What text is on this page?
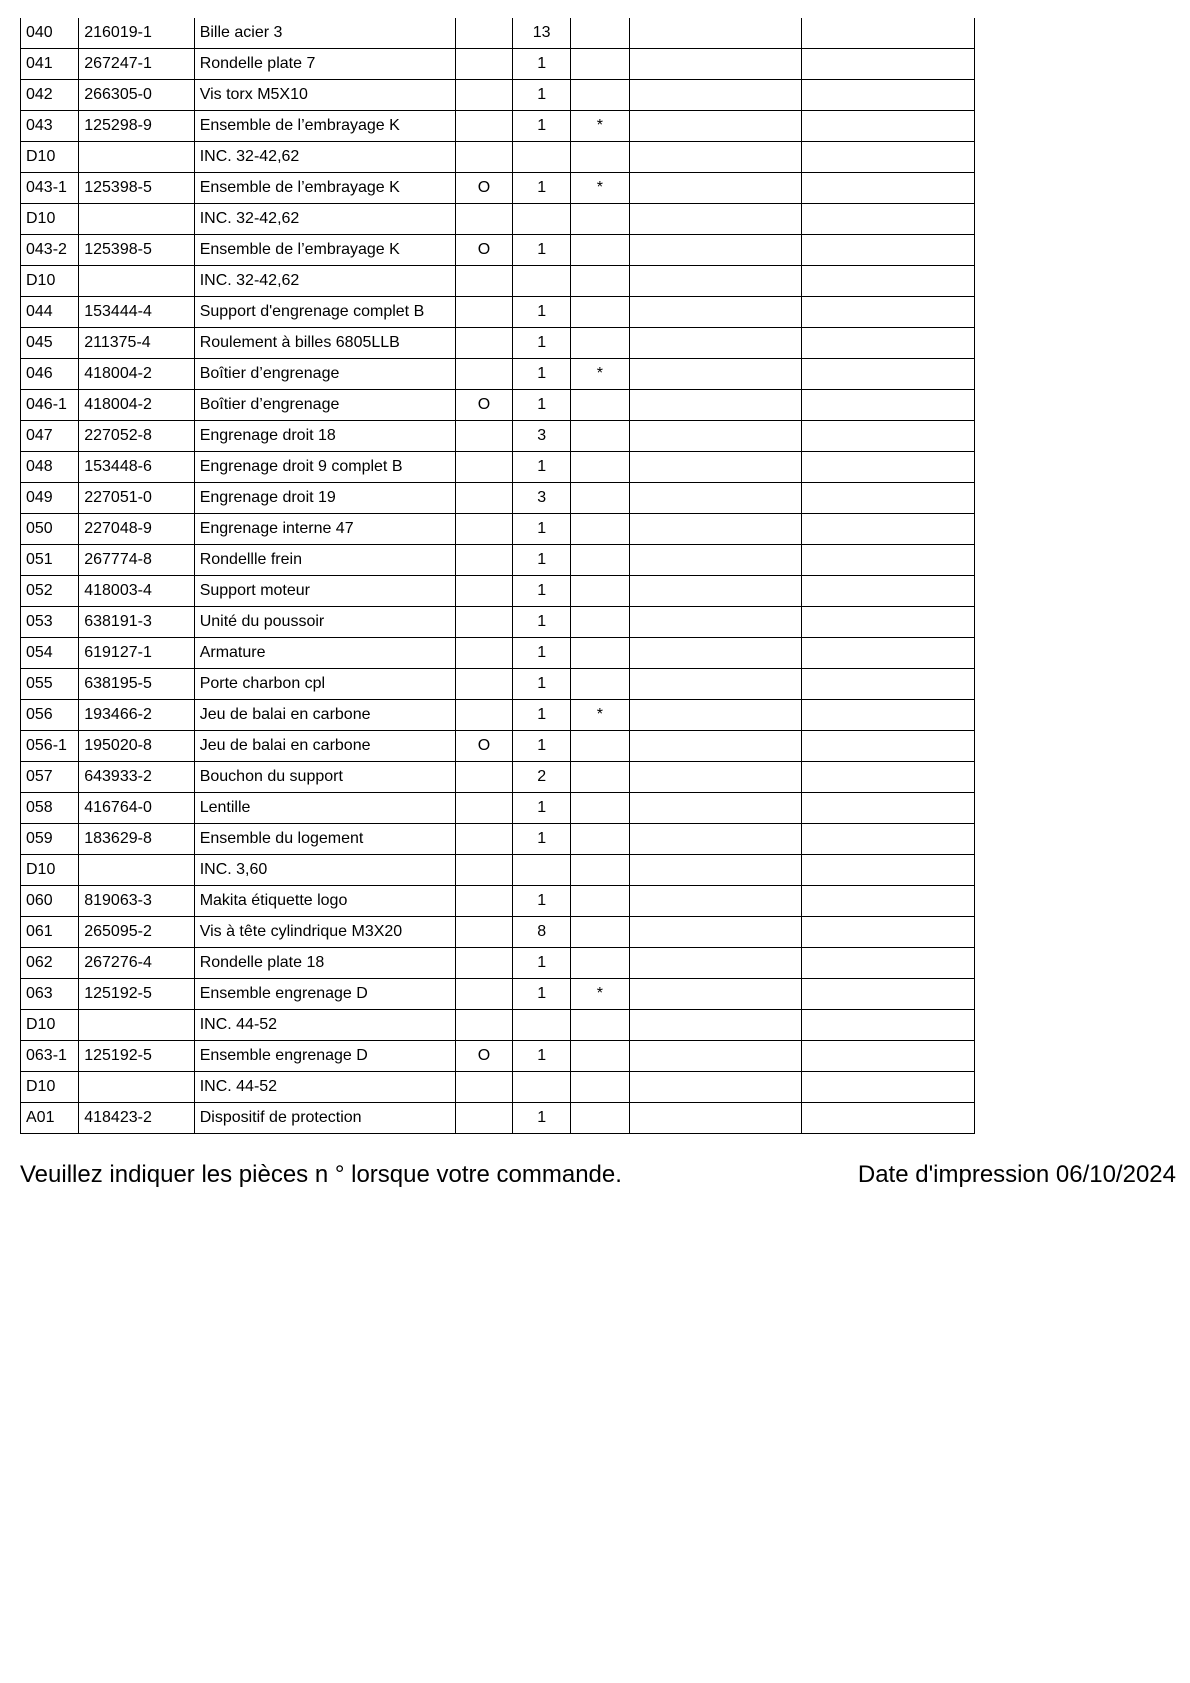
040	216019-1	Bille acier 3		13			
041	267247-1	Rondelle plate 7		1			
042	266305-0	Vis torx M5X10		1			
043	125298-9	Ensemble de l’embrayage K		1	*		
D10		INC. 32-42,62					
043-1	125398-5	Ensemble de l’embrayage K	O	1	*		
D10		INC. 32-42,62					
043-2	125398-5	Ensemble de l’embrayage K	O	1			
D10		INC. 32-42,62					
044	153444-4	Support d'engrenage complet B		1			
045	211375-4	Roulement à billes 6805LLB		1			
046	418004-2	Boîtier d’engrenage		1	*		
046-1	418004-2	Boîtier d’engrenage	O	1			
047	227052-8	Engrenage droit 18		3			
048	153448-6	Engrenage droit 9 complet B		1			
049	227051-0	Engrenage droit 19		3			
050	227048-9	Engrenage interne 47		1			
051	267774-8	Rondellle frein		1			
052	418003-4	Support moteur		1			
053	638191-3	Unité du poussoir		1			
054	619127-1	Armature		1			
055	638195-5	Porte charbon cpl		1			
056	193466-2	Jeu de balai en carbone		1	*		
056-1	195020-8	Jeu de balai en carbone	O	1			
057	643933-2	Bouchon du support		2			
058	416764-0	Lentille		1			
059	183629-8	Ensemble du logement		1			
D10		INC. 3,60					
060	819063-3	Makita étiquette logo		1			
061	265095-2	Vis à tête cylindrique M3X20		8			
062	267276-4	Rondelle plate 18		1			
063	125192-5	Ensemble engrenage D		1	*		
D10		INC. 44-52					
063-1	125192-5	Ensemble engrenage D	O	1			
D10		INC. 44-52					
A01	418423-2	Dispositif de protection		1			
Veuillez indiquer les pièces n ° lorsque votre commande.	Date d'impression 06/10/2024
